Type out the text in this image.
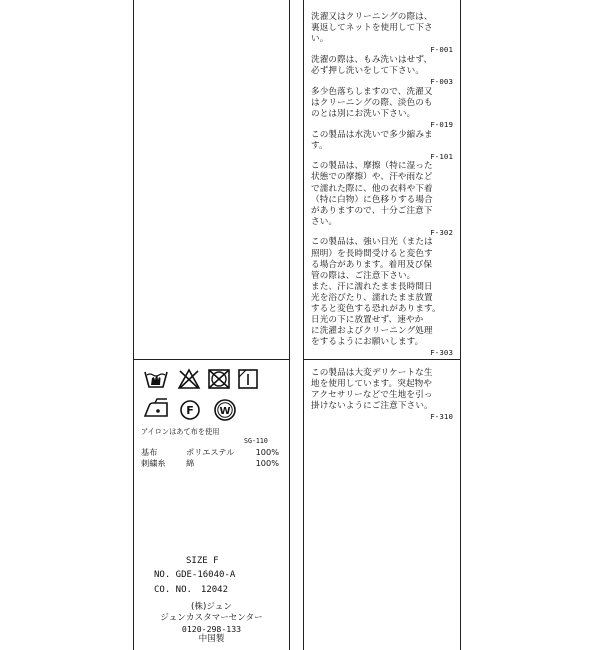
F	W
アイロンはあて布を使用
SG-110
基布	ポリエステル	100%
刺繍糸 綿	100%
SIZE F
NO. GDE-16040-A
CO. NO.　12042
(株)ジュン
ジュンカスタマーセンター
0120-298-133
中国製
洗濯又はクリーニングの際は、
裏返してネットを使用して下さ
い。
F-001
洗濯の際は、もみ洗いはせず、
必ず押し洗いをして下さい。
F-003
多少色落ちしますので、洗濯又
はクリーニングの際、淡色のも
のとは別にお洗い下さい。
F-019
この製品は水洗いで多少縮みま
す。
F-101
この製品は、摩擦（特に湿った
状態での摩擦）や、汗や雨など
で濡れた際に、他の衣料や下着
（特に白物）に色移りする場合
がありますので、十分ご注意下
さい。
F-302
この製品は、強い日光（または
照明）を長時間受けると変色す
る場合があります。着用及び保
管の際は、ご注意下さい。
また、汗に濡れたまま長時間日
光を浴びたり、濡れたまま放置
すると変色する恐れがあります。
日光の下に放置せず、速やか
に洗濯およびクリーニング処理
をするようにお願いします。
F-303
この製品は大変デリケートな生
地を使用しています。突起物や
アクセサリーなどで生地を引っ
掛けないようにご注意下さい。
F-310
